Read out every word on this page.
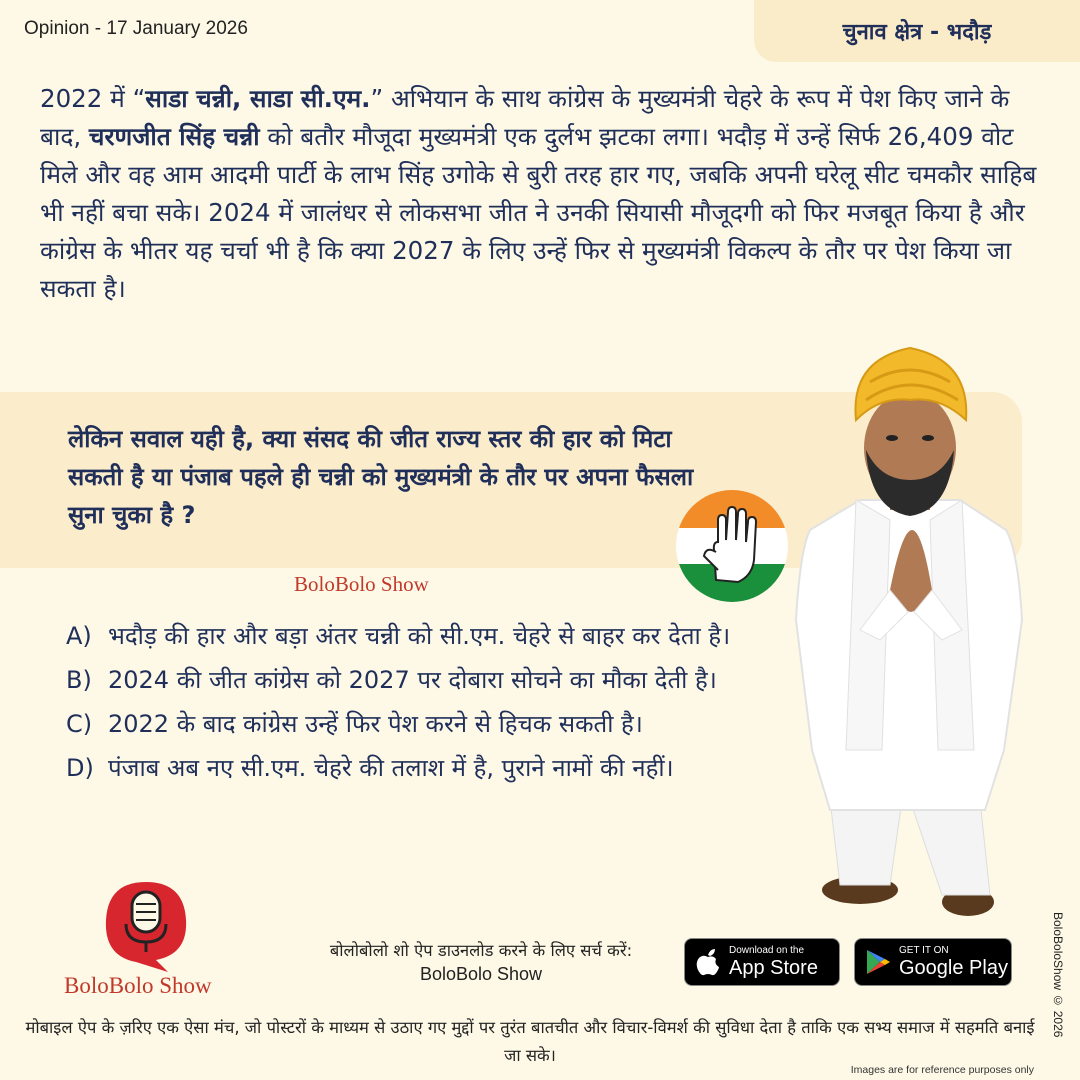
Opinion - 17 January 2026	चुनाव क्षेत्र - भदौड़
2022 में “साडा चन्नी, साडा सी.एम.” अभियान के साथ कांग्रेस के मुख्यमंत्री चेहरे के रूप में पेश किए जाने के बाद, चरणजीत सिंह चन्नी को बतौर मौजूदा मुख्यमंत्री एक दुर्लभ झटका लगा। भदौड़ में उन्हें सिर्फ 26,409 वोट मिले और वह आम आदमी पार्टी के लाभ सिंह उगोके से बुरी तरह हार गए, जबकि अपनी घरेलू सीट चमकौर साहिब भी नहीं बचा सके। 2024 में जालंधर से लोकसभा जीत ने उनकी सियासी मौजूदगी को फिर मजबूत किया है और कांग्रेस के भीतर यह चर्चा भी है कि क्या 2027 के लिए उन्हें फिर से मुख्यमंत्री विकल्प के तौर पर पेश किया जा सकता है।
लेकिन सवाल यही है, क्या संसद की जीत राज्य स्तर की हार को मिटा सकती है या पंजाब पहले ही चन्नी को मुख्यमंत्री के तौर पर अपना फैसला सुना चुका है ?
BoloBolo Show
A) भदौड़ की हार और बड़ा अंतर चन्नी को सी.एम. चेहरे से बाहर कर देता है।
B) 2024 की जीत कांग्रेस को 2027 पर दोबारा सोचने का मौका देती है।
C) 2022 के बाद कांग्रेस उन्हें फिर पेश करने से हिचक सकती है।
D) पंजाब अब नए सी.एम. चेहरे की तलाश में है, पुराने नामों की नहीं।
BoloBolo Show
बोलोबोलो शो ऐप डाउनलोड करने के लिए सर्च करें:
BoloBolo Show
Download on the
App Store
GET IT ON
Google Play
मोबाइल ऐप के ज़रिए एक ऐसा मंच, जो पोस्टरों के माध्यम से उठाए गए मुद्दों पर तुरंत बातचीत और विचार-विमर्श की सुविधा देता है ताकि एक सभ्य समाज में सहमति बनाई जा सके।
Images are for reference purposes only
BoloBoloShow © 2026
